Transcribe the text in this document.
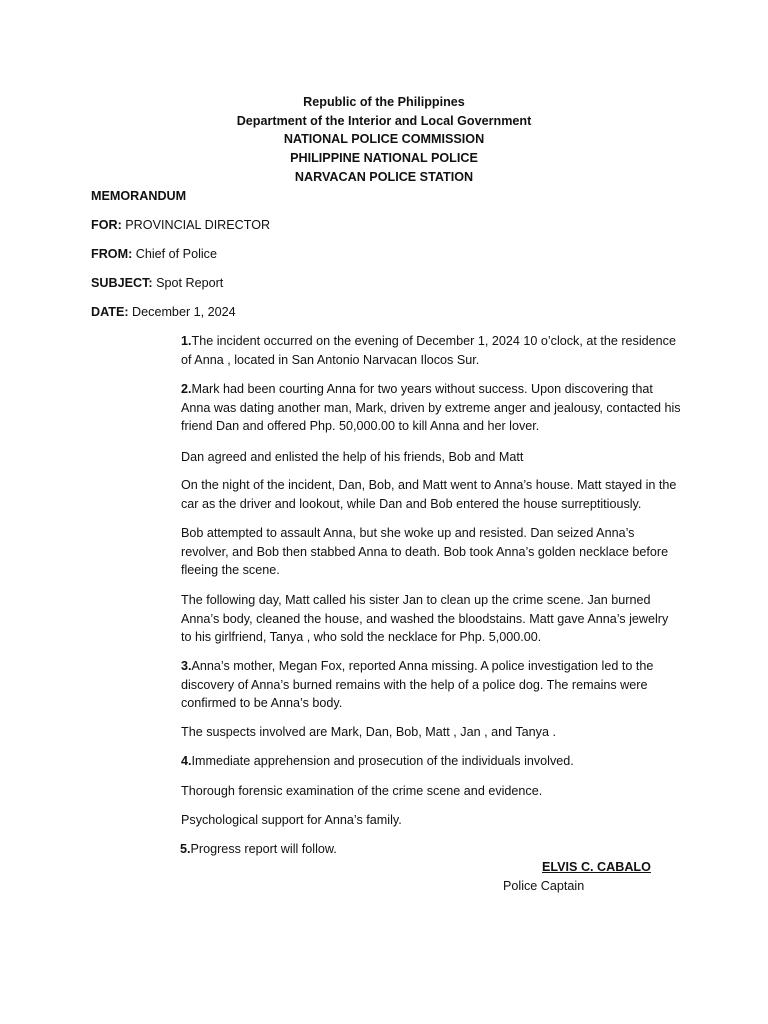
Republic of the Philippines
Department of the Interior and Local Government
NATIONAL POLICE COMMISSION
PHILIPPINE NATIONAL POLICE
NARVACAN POLICE STATION
MEMORANDUM
FOR: PROVINCIAL DIRECTOR
FROM: Chief of Police
SUBJECT: Spot Report
DATE: December 1, 2024

1.The incident occurred on the evening of December 1, 2024 10 o’clock, at the residence of Anna , located in San Antonio Narvacan Ilocos Sur.

2.Mark had been courting Anna for two years without success. Upon discovering that Anna was dating another man, Mark, driven by extreme anger and jealousy, contacted his friend Dan and offered Php. 50,000.00 to kill Anna and her lover.

Dan agreed and enlisted the help of his friends, Bob and Matt

On the night of the incident, Dan, Bob, and Matt went to Anna’s house. Matt stayed in the car as the driver and lookout, while Dan and Bob entered the house surreptitiously.

Bob attempted to assault Anna, but she woke up and resisted. Dan seized Anna’s revolver, and Bob then stabbed Anna to death. Bob took Anna’s golden necklace before fleeing the scene.

The following day, Matt called his sister Jan to clean up the crime scene. Jan burned Anna’s body, cleaned the house, and washed the bloodstains. Matt gave Anna’s jewelry to his girlfriend, Tanya , who sold the necklace for Php. 5,000.00.

3.Anna’s mother, Megan Fox, reported Anna missing. A police investigation led to the discovery of Anna’s burned remains with the help of a police dog. The remains were confirmed to be Anna’s body.

The suspects involved are Mark, Dan, Bob, Matt , Jan , and Tanya .

4.Immediate apprehension and prosecution of the individuals involved.

Thorough forensic examination of the crime scene and evidence.

Psychological support for Anna’s family.

5.Progress report will follow.

ELVIS C. CABALO
Police Captain
